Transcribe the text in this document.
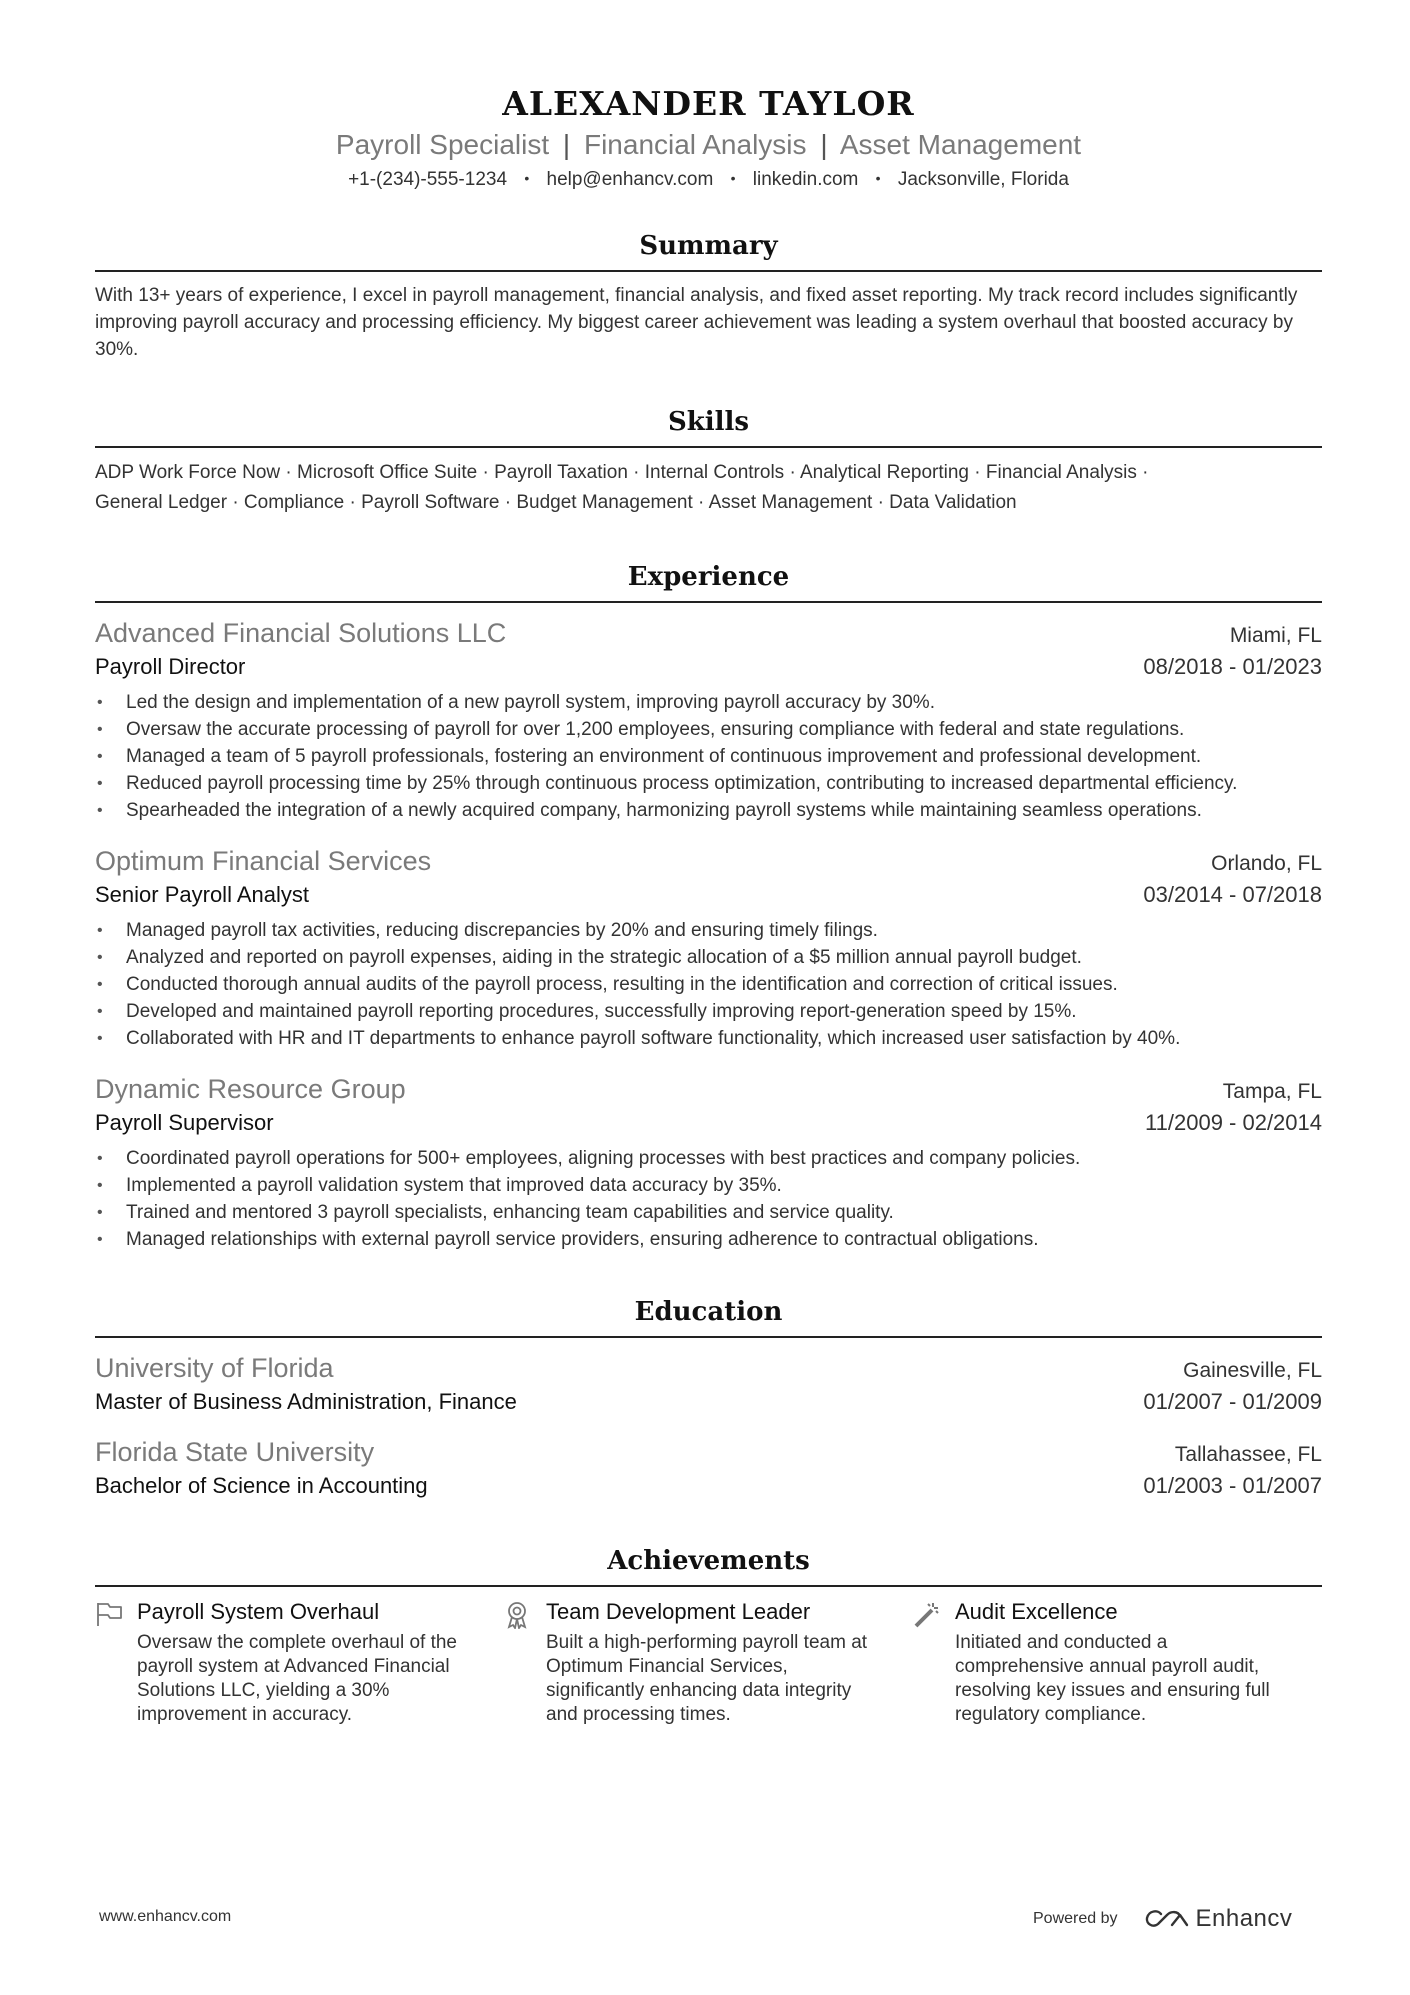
ALEXANDER TAYLOR
Payroll Specialist | Financial Analysis | Asset Management
+1-(234)-555-1234 • help@enhancv.com • linkedin.com • Jacksonville, Florida
Summary
With 13+ years of experience, I excel in payroll management, financial analysis, and fixed asset reporting. My track record includes significantly improving payroll accuracy and processing efficiency. My biggest career achievement was leading a system overhaul that boosted accuracy by 30%.
Skills
ADP Work Force Now · Microsoft Office Suite · Payroll Taxation · Internal Controls · Analytical Reporting · Financial Analysis ·
General Ledger · Compliance · Payroll Software · Budget Management · Asset Management · Data Validation
Experience
Advanced Financial Solutions LLC	Miami, FL
Payroll Director	08/2018 - 01/2023
• Led the design and implementation of a new payroll system, improving payroll accuracy by 30%.
• Oversaw the accurate processing of payroll for over 1,200 employees, ensuring compliance with federal and state regulations.
• Managed a team of 5 payroll professionals, fostering an environment of continuous improvement and professional development.
• Reduced payroll processing time by 25% through continuous process optimization, contributing to increased departmental efficiency.
• Spearheaded the integration of a newly acquired company, harmonizing payroll systems while maintaining seamless operations.
Optimum Financial Services	Orlando, FL
Senior Payroll Analyst	03/2014 - 07/2018
• Managed payroll tax activities, reducing discrepancies by 20% and ensuring timely filings.
• Analyzed and reported on payroll expenses, aiding in the strategic allocation of a $5 million annual payroll budget.
• Conducted thorough annual audits of the payroll process, resulting in the identification and correction of critical issues.
• Developed and maintained payroll reporting procedures, successfully improving report-generation speed by 15%.
• Collaborated with HR and IT departments to enhance payroll software functionality, which increased user satisfaction by 40%.
Dynamic Resource Group	Tampa, FL
Payroll Supervisor	11/2009 - 02/2014
• Coordinated payroll operations for 500+ employees, aligning processes with best practices and company policies.
• Implemented a payroll validation system that improved data accuracy by 35%.
• Trained and mentored 3 payroll specialists, enhancing team capabilities and service quality.
• Managed relationships with external payroll service providers, ensuring adherence to contractual obligations.
Education
University of Florida	Gainesville, FL
Master of Business Administration, Finance	01/2007 - 01/2009
Florida State University	Tallahassee, FL
Bachelor of Science in Accounting	01/2003 - 01/2007
Achievements
Payroll System Overhaul
Oversaw the complete overhaul of the payroll system at Advanced Financial Solutions LLC, yielding a 30% improvement in accuracy.
Team Development Leader
Built a high-performing payroll team at Optimum Financial Services, significantly enhancing data integrity and processing times.
Audit Excellence
Initiated and conducted a comprehensive annual payroll audit, resolving key issues and ensuring full regulatory compliance.
www.enhancv.com	Powered by	Enhancv
